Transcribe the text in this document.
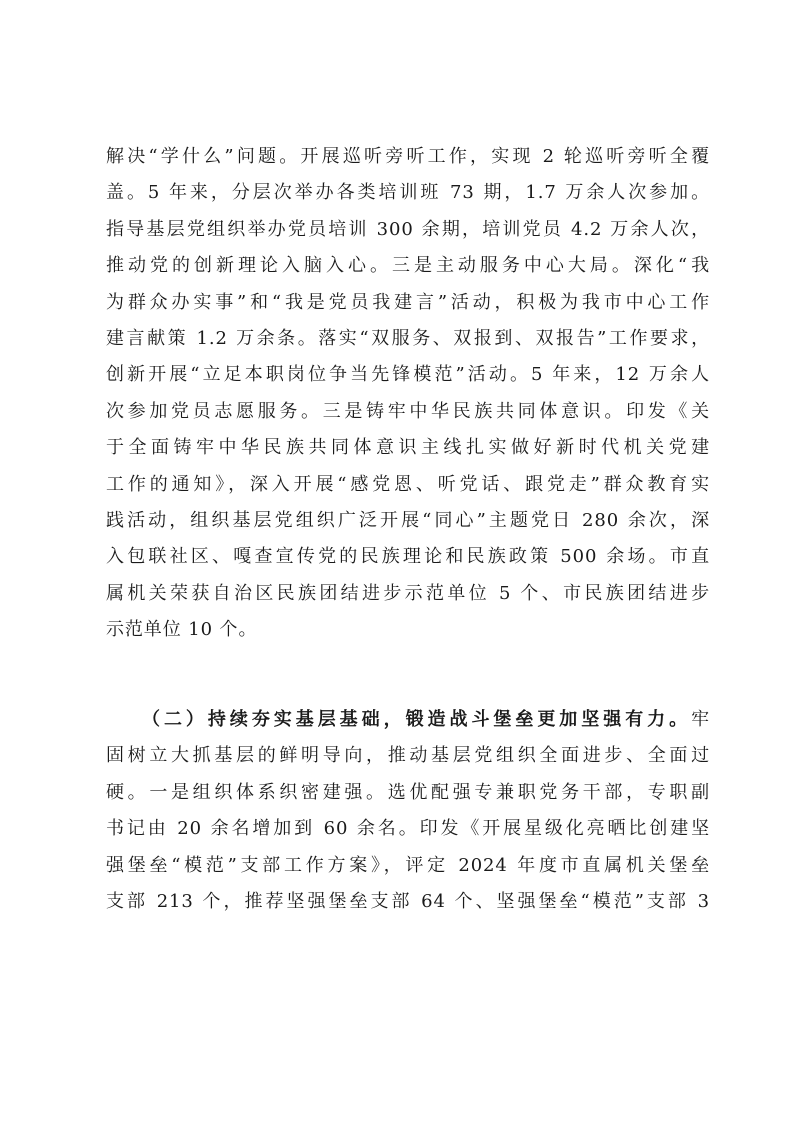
解决“学什么”问题。开展巡听旁听工作，实现 2 轮巡听旁听全覆
盖。5 年来，分层次举办各类培训班 73 期，1.7 万余人次参加。
指导基层党组织举办党员培训 300 余期，培训党员 4.2 万余人次，
推动党的创新理论入脑入心。三是主动服务中心大局。深化“我
为群众办实事”和“我是党员我建言”活动，积极为我市中心工作
建言献策 1.2 万余条。落实“双服务、双报到、双报告”工作要求，
创新开展“立足本职岗位争当先锋模范”活动。5 年来，12 万余人
次参加党员志愿服务。三是铸牢中华民族共同体意识。印发《关
于全面铸牢中华民族共同体意识主线扎实做好新时代机关党建
工作的通知》，深入开展“感党恩、听党话、跟党走”群众教育实
践活动，组织基层党组织广泛开展“同心”主题党日 280 余次，深
入包联社区、嘎查宣传党的民族理论和民族政策 500 余场。市直
属机关荣获自治区民族团结进步示范单位 5 个、市民族团结进步
示范单位 10 个。
（二）持续夯实基层基础，锻造战斗堡垒更加坚强有力。牢
固树立大抓基层的鲜明导向，推动基层党组织全面进步、全面过
硬。一是组织体系织密建强。选优配强专兼职党务干部，专职副
书记由 20 余名增加到 60 余名。印发《开展星级化亮晒比创建坚
强堡垒“模范”支部工作方案》，评定 2024 年度市直属机关堡垒
支部 213 个，推荐坚强堡垒支部 64 个、坚强堡垒“模范”支部 3
